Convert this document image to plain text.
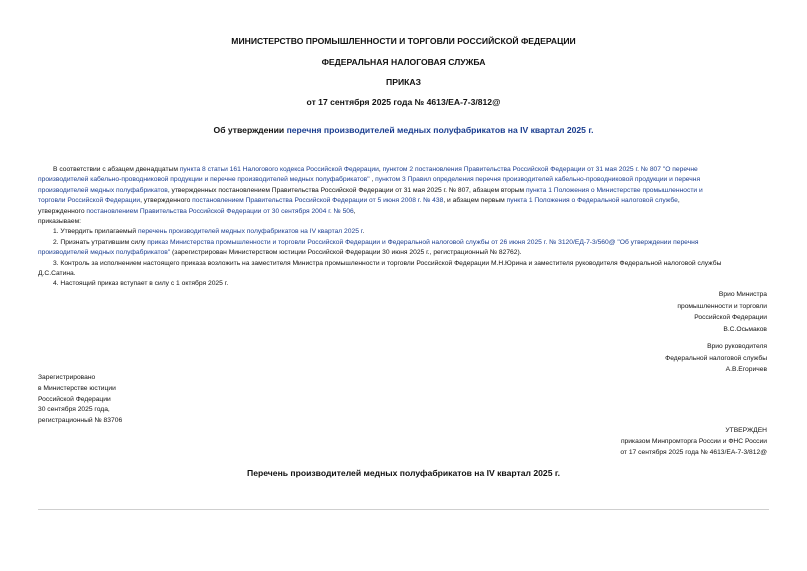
МИНИСТЕРСТВО ПРОМЫШЛЕННОСТИ И ТОРГОВЛИ РОССИЙСКОЙ ФЕДЕРАЦИИ
ФЕДЕРАЛЬНАЯ НАЛОГОВАЯ СЛУЖБА
ПРИКАЗ
от 17 сентября 2025 года № 4613/ЕА-7-3/812@
Об утверждении перечня производителей медных полуфабрикатов на IV квартал 2025 г.
В соответствии с абзацем двенадцатым пункта 8 статьи 161 Налогового кодекса Российской Федерации, пунктом 2 постановления Правительства Российской Федерации от 31 мая 2025 г. № 807 "О перечне
производителей кабельно-проводниковой продукции и перечне производителей медных полуфабрикатов" , пунктом 3 Правил определения перечня производителей кабельно-проводниковой продукции и перечня
производителей медных полуфабрикатов, утвержденных постановлением Правительства Российской Федерации от 31 мая 2025 г. № 807, абзацем вторым пункта 1 Положения о Министерстве промышленности и
торговли Российской Федерации, утвержденного постановлением Правительства Российской Федерации от 5 июня 2008 г. № 438, и абзацем первым пункта 1 Положения о Федеральной налоговой службе,
утвержденного постановлением Правительства Российской Федерации от 30 сентября 2004 г. № 506,
приказываем:
1. Утвердить прилагаемый перечень производителей медных полуфабрикатов на IV квартал 2025 г.
2. Признать утратившим силу приказ Министерства промышленности и торговли Российской Федерации и Федеральной налоговой службы от 26 июня 2025 г. № 3120/ЕД-7-3/560@ "Об утверждении перечня
производителей медных полуфабрикатов" (зарегистрирован Министерством юстиции Российской Федерации 30 июня 2025 г., регистрационный № 82762).
3. Контроль за исполнением настоящего приказа возложить на заместителя Министра промышленности и торговли Российской Федерации М.Н.Юрина и заместителя руководителя Федеральной налоговой службы
Д.С.Сатина.
4. Настоящий приказ вступает в силу с 1 октября 2025 г.
Врио Министра
промышленности и торговли
Российской Федерации
В.С.Осьмаков
Врио руководителя
Федеральной налоговой службы
А.В.Егоричев
Зарегистрировано
в Министерстве юстиции
Российской Федерации
30 сентября 2025 года,
регистрационный № 83706
УТВЕРЖДЕН
приказом Минпромторга России и ФНС России
от 17 сентября 2025 года № 4613/ЕА-7-3/812@
Перечень производителей медных полуфабрикатов на IV квартал 2025 г.
